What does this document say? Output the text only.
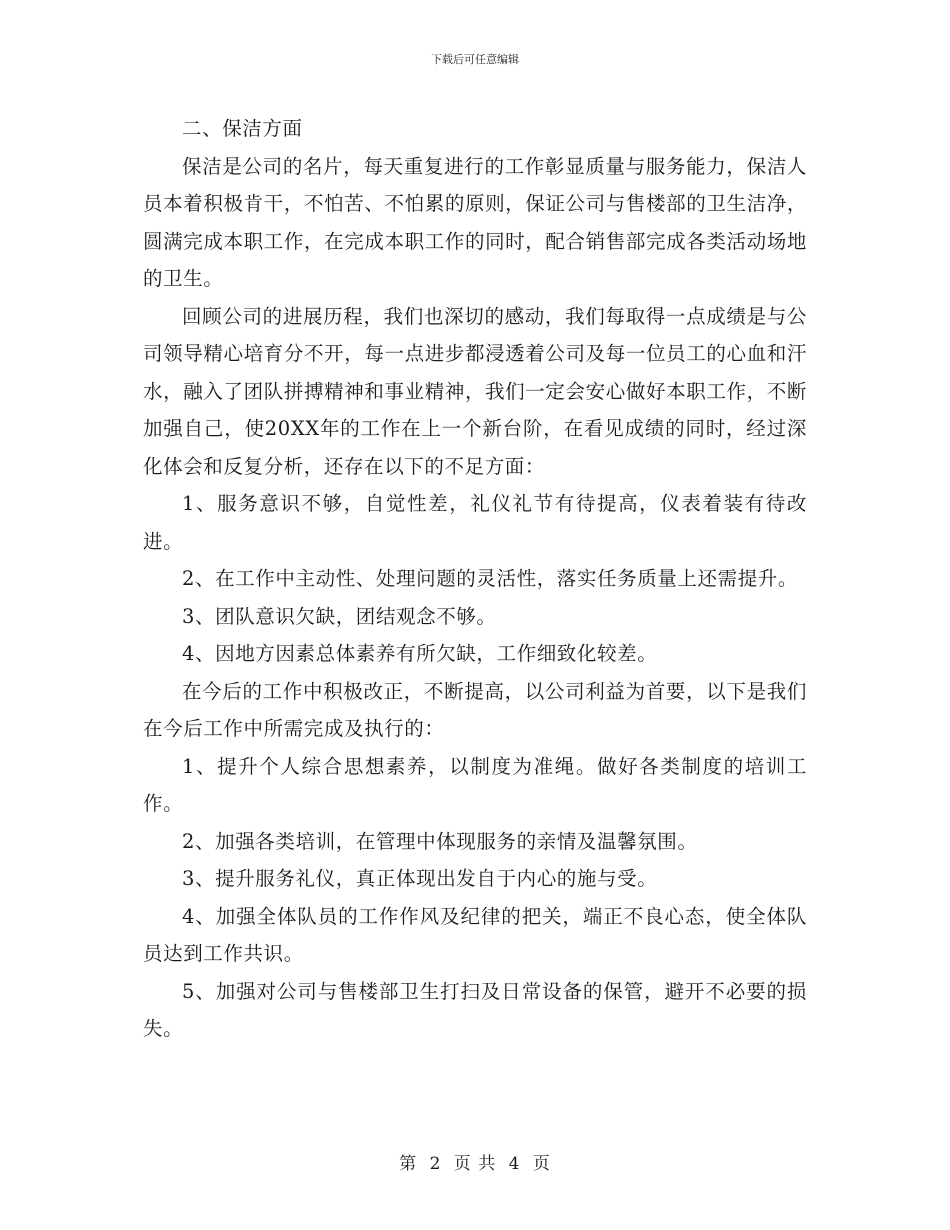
下载后可任意编辑

二、保洁方面

保洁是公司的名片，每天重复进行的工作彰显质量与服务能力，保洁人员本着积极肯干，不怕苦、不怕累的原则，保证公司与售楼部的卫生洁净，圆满完成本职工作，在完成本职工作的同时，配合销售部完成各类活动场地的卫生。

回顾公司的进展历程，我们也深切的感动，我们每取得一点成绩是与公司领导精心培育分不开，每一点进步都浸透着公司及每一位员工的心血和汗水，融入了团队拼搏精神和事业精神，我们一定会安心做好本职工作，不断加强自己，使20XX年的工作在上一个新台阶，在看见成绩的同时，经过深化体会和反复分析，还存在以下的不足方面：

1、服务意识不够，自觉性差，礼仪礼节有待提高，仪表着装有待改进。

2、在工作中主动性、处理问题的灵活性，落实任务质量上还需提升。

3、团队意识欠缺，团结观念不够。

4、因地方因素总体素养有所欠缺，工作细致化较差。

在今后的工作中积极改正，不断提高，以公司利益为首要，以下是我们在今后工作中所需完成及执行的：

1、提升个人综合思想素养，以制度为准绳。做好各类制度的培训工作。

2、加强各类培训，在管理中体现服务的亲情及温馨氛围。

3、提升服务礼仪，真正体现出发自于内心的施与受。

4、加强全体队员的工作作风及纪律的把关，端正不良心态，使全体队员达到工作共识。

5、加强对公司与售楼部卫生打扫及日常设备的保管，避开不必要的损失。

第 2 页 共 4 页
